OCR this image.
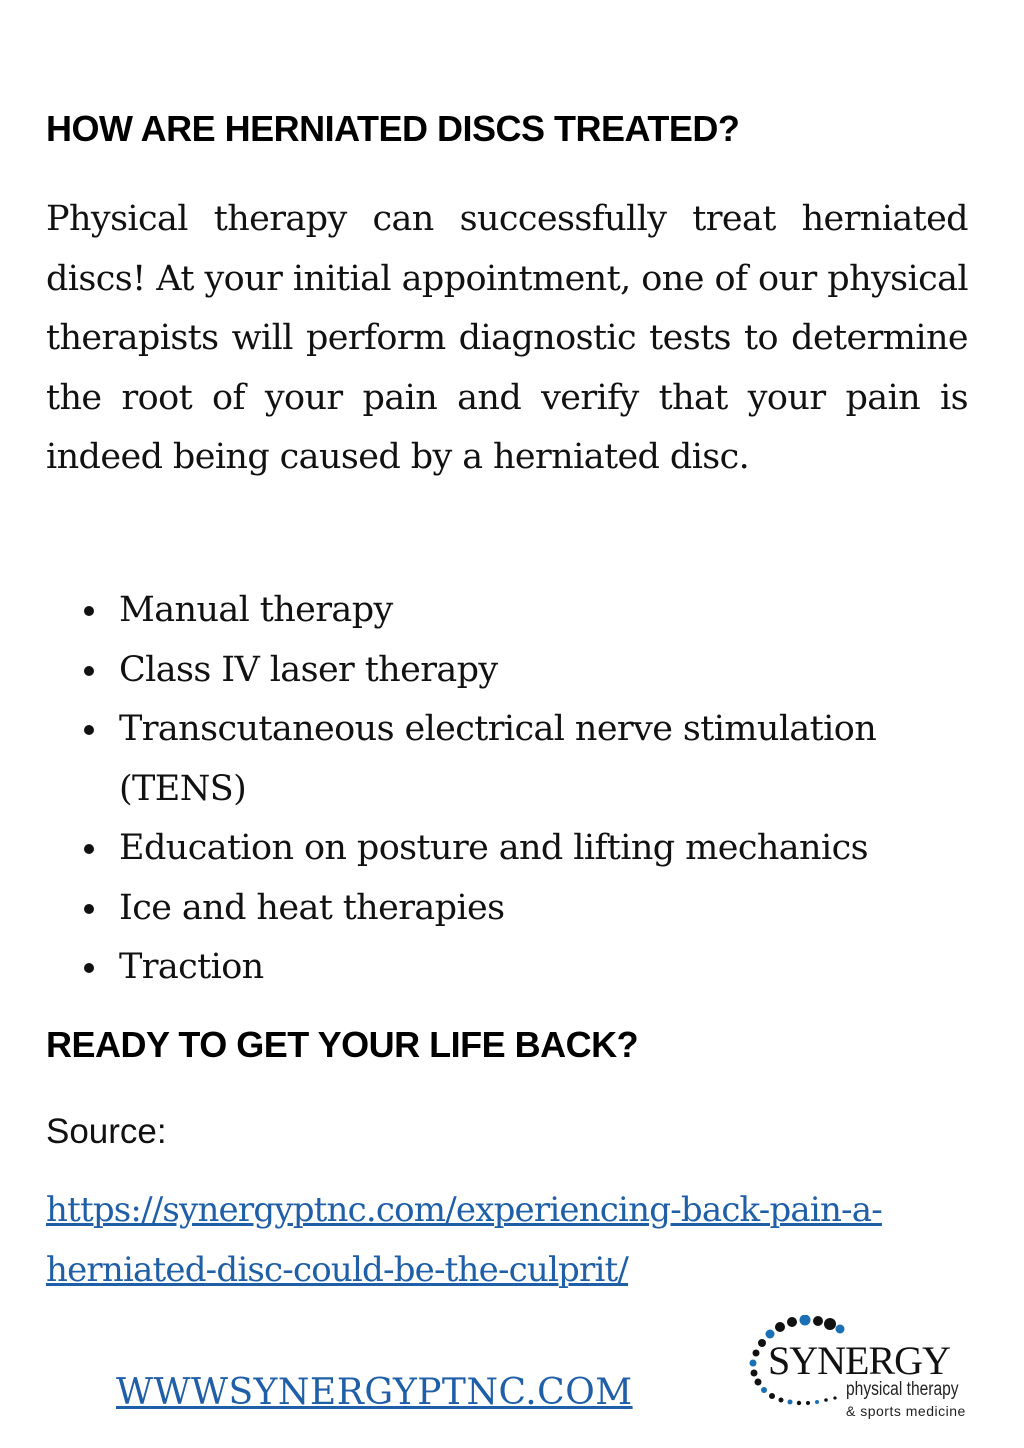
HOW ARE HERNIATED DISCS TREATED?

Physical therapy can successfully treat herniated discs! At your initial appointment, one of our physical therapists will perform diagnostic tests to determine the root of your pain and verify that your pain is indeed being caused by a herniated disc.

Manual therapy
Class IV laser therapy
Transcutaneous electrical nerve stimulation (TENS)
Education on posture and lifting mechanics
Ice and heat therapies
Traction
READY TO GET YOUR LIFE BACK?

Source:

https://synergyptnc.com/experiencing-back-pain-a-herniated-disc-could-be-the-culprit/
WWWSYNERGYPTNC.COM
SYNERGY
physical therapy
& sports medicine
